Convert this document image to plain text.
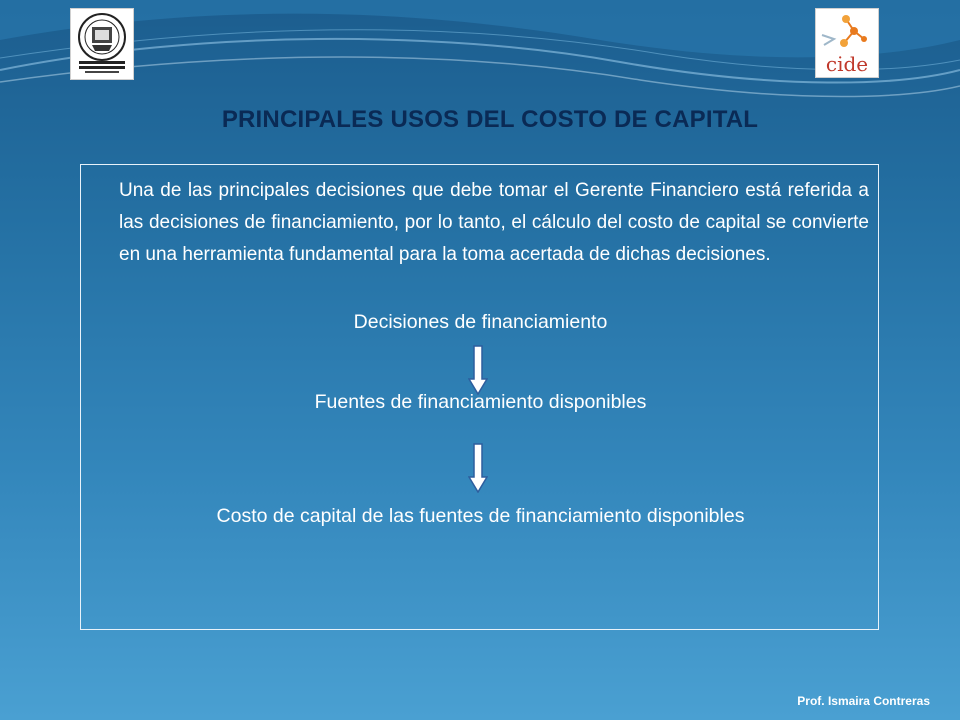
cide
PRINCIPALES USOS DEL COSTO DE CAPITAL

Una de las principales decisiones que debe tomar el Gerente Financiero está referida a las decisiones de financiamiento, por lo tanto, el cálculo del costo de capital se convierte en una herramienta fundamental para la toma acertada de dichas decisiones.

Decisiones de financiamiento
Fuentes de financiamiento disponibles
Costo de capital de las fuentes de financiamiento disponibles
Prof. Ismaira Contreras
